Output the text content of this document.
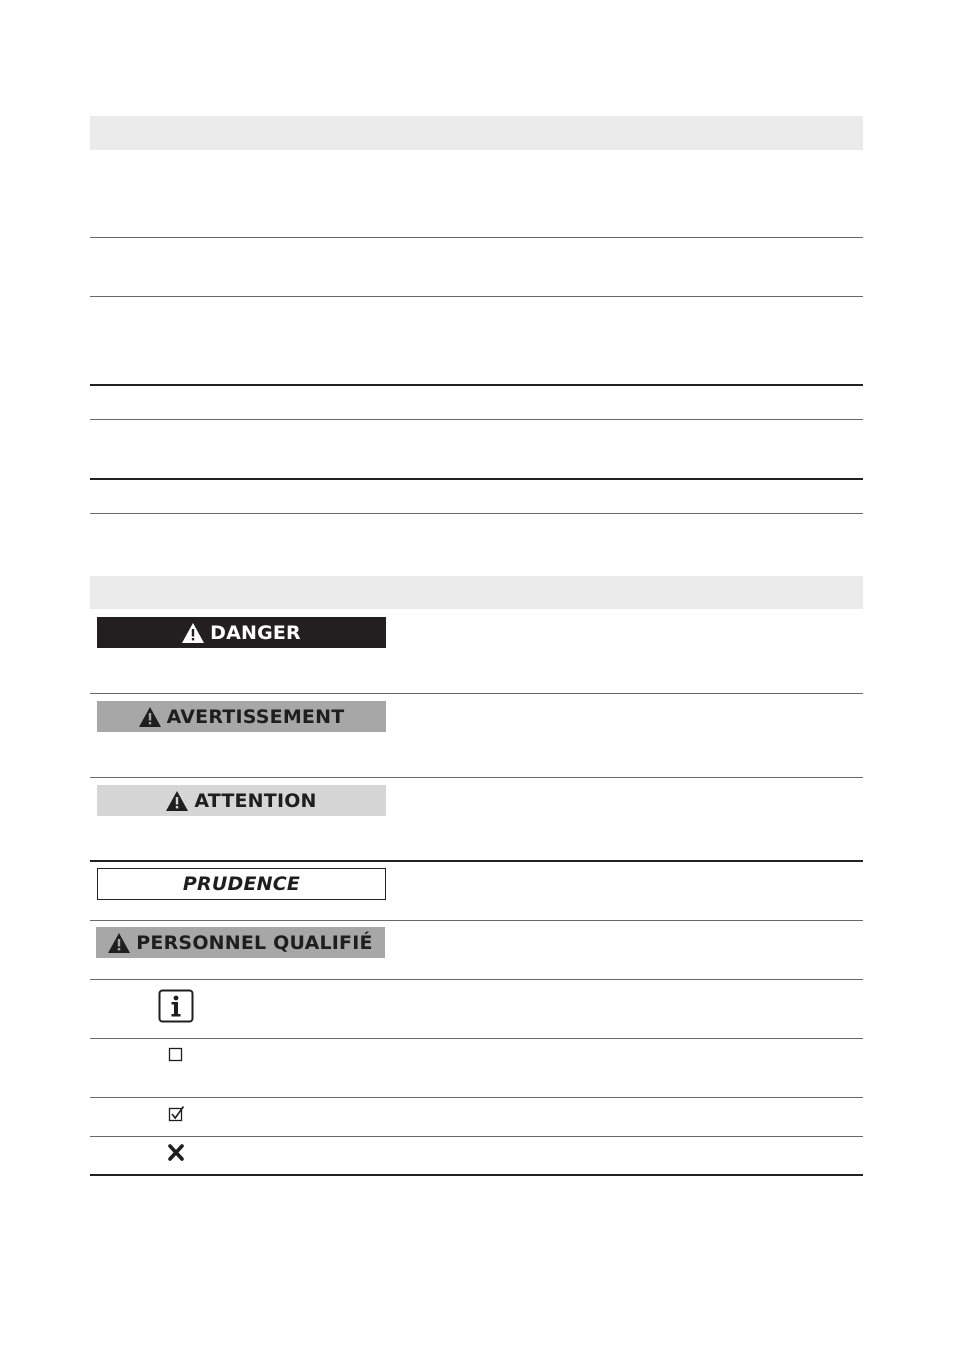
DANGER
AVERTISSEMENT
ATTENTION
PRUDENCE
PERSONNEL QUALIFIÉ
